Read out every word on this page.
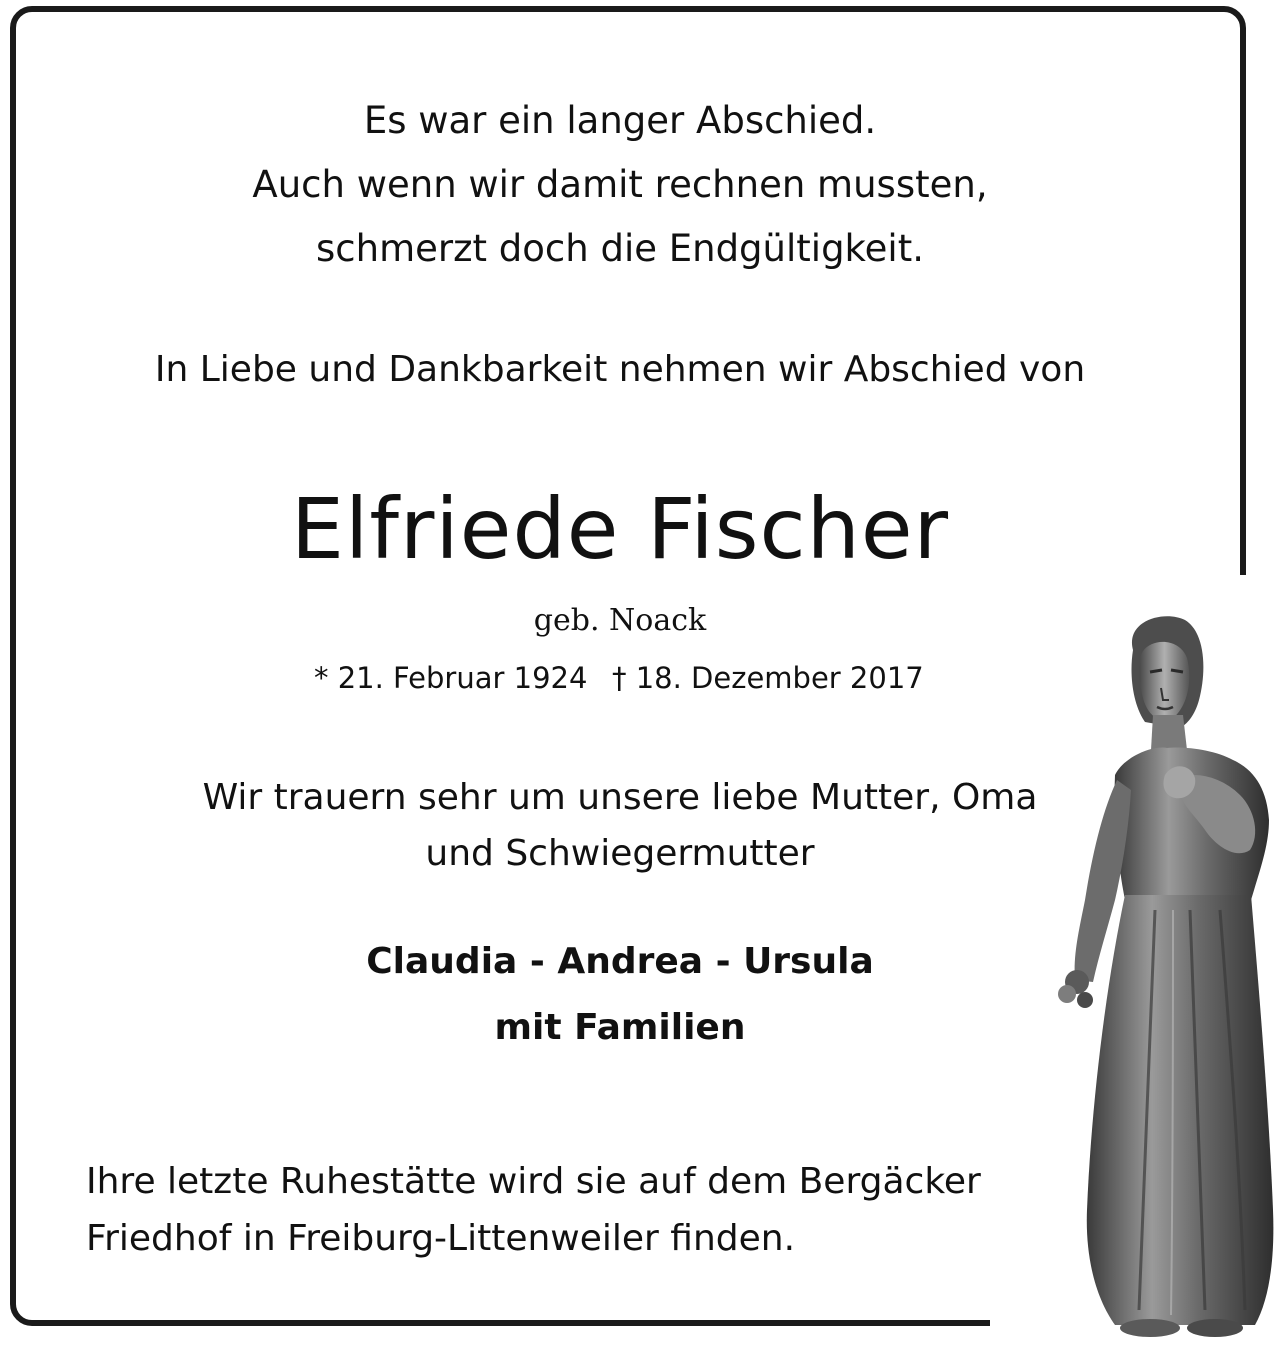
Es war ein langer Abschied.
Auch wenn wir damit rechnen mussten,
schmerzt doch die Endgültigkeit.
In Liebe und Dankbarkeit nehmen wir Abschied von
Elfriede Fischer
geb. Noack
* 21. Februar 1924 † 18. Dezember 2017
Wir trauern sehr um unsere liebe Mutter, Oma
und Schwiegermutter
Claudia - Andrea - Ursula
mit Familien
Ihre letzte Ruhestätte wird sie auf dem Bergäcker
Friedhof in Freiburg-Littenweiler finden.
